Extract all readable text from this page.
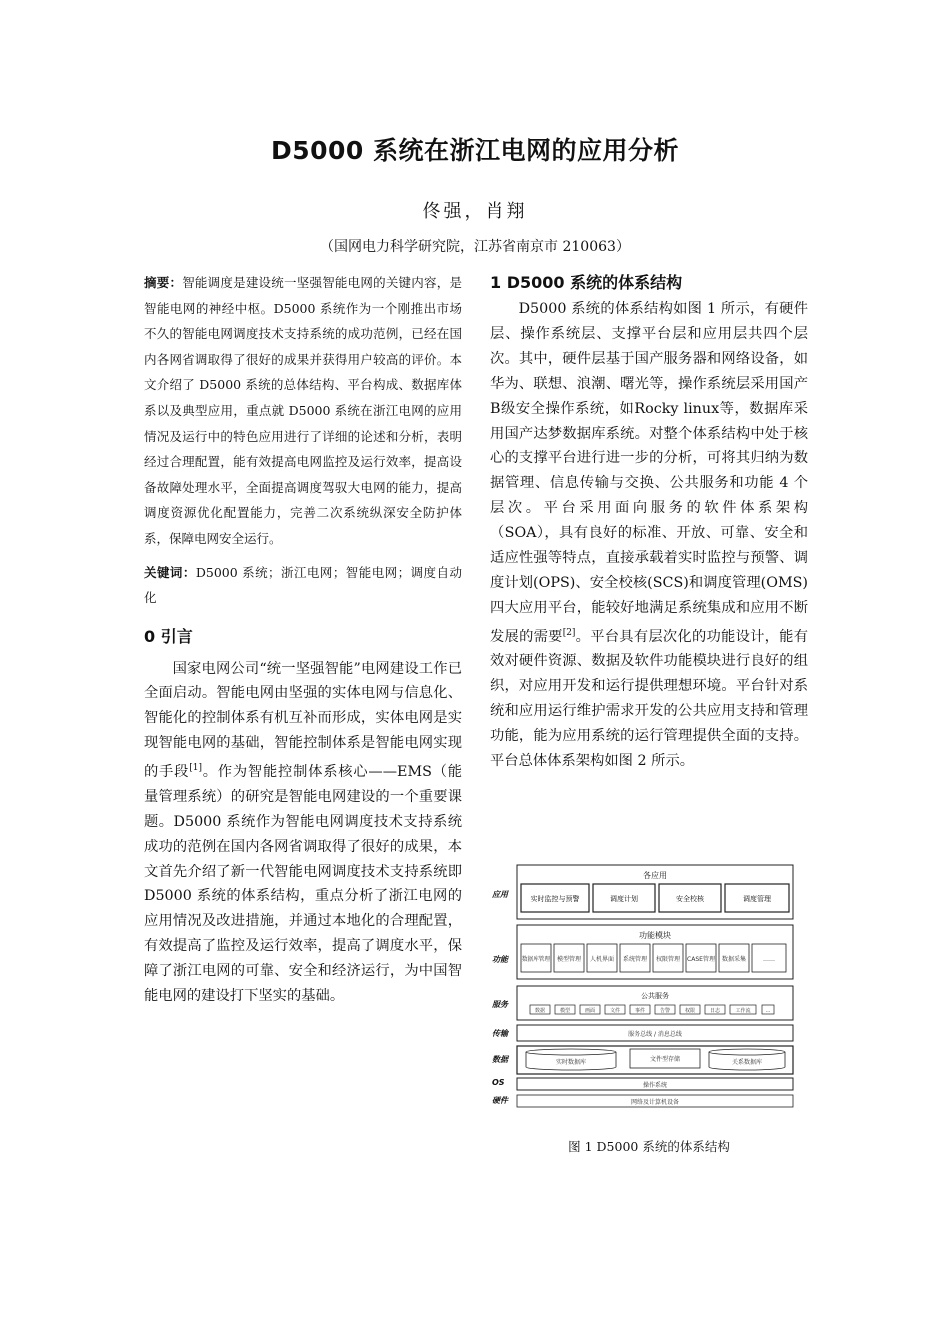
D5000 系统在浙江电网的应用分析
佟强，肖翔
（国网电力科学研究院，江苏省南京市 210063）

摘要：智能调度是建设统一坚强智能电网的关键内容，是智能电网的神经中枢。D5000 系统作为一个刚推出市场不久的智能电网调度技术支持系统的成功范例，已经在国内各网省调取得了很好的成果并获得用户较高的评价。本文介绍了 D5000 系统的总体结构、平台构成、数据库体系以及典型应用，重点就 D5000 系统在浙江电网的应用情况及运行中的特色应用进行了详细的论述和分析，表明经过合理配置，能有效提高电网监控及运行效率，提高设备故障处理水平，全面提高调度驾驭大电网的能力，提高调度资源优化配置能力，完善二次系统纵深安全防护体系，保障电网安全运行。

关键词：D5000 系统；浙江电网；智能电网；调度自动化

0 引言

国家电网公司“统一坚强智能”电网建设工作已全面启动。智能电网由坚强的实体电网与信息化、智能化的控制体系有机互补而形成，实体电网是实现智能电网的基础，智能控制体系是智能电网实现的手段[1]。作为智能控制体系核心——EMS（能量管理系统）的研究是智能电网建设的一个重要课题。D5000 系统作为智能电网调度技术支持系统成功的范例在国内各网省调取得了很好的成果，本文首先介绍了新一代智能电网调度技术支持系统即D5000 系统的体系结构，重点分析了浙江电网的应用情况及改进措施，并通过本地化的合理配置，有效提高了监控及运行效率，提高了调度水平，保障了浙江电网的可靠、安全和经济运行，为中国智能电网的建设打下坚实的基础。

1 D5000 系统的体系结构

D5000 系统的体系结构如图 1 所示，有硬件层、操作系统层、支撑平台层和应用层共四个层次。其中，硬件层基于国产服务器和网络设备，如华为、联想、浪潮、曙光等，操作系统层采用国产B级安全操作系统，如Rocky linux等，数据库采用国产达梦数据库系统。对整个体系结构中处于核心的支撑平台进行进一步的分析，可将其归纳为数据管理、信息传输与交换、公共服务和功能 4 个层次。平台采用面向服务的软件体系架构（SOA），具有良好的标准、开放、可靠、安全和适应性强等特点，直接承载着实时监控与预警、调度计划(OPS)、安全校核(SCS)和调度管理(OMS)四大应用平台，能较好地满足系统集成和应用不断发展的需要[2]。平台具有层次化的功能设计，能有效对硬件资源、数据及软件功能模块进行良好的组织，对应用开发和运行提供理想环境。平台针对系统和应用运行维护需求开发的公共应用支持和管理功能，能为应用系统的运行管理提供全面的支持。平台总体体系架构如图 2 所示。

应用
功能
服务
传输
数据
OS
硬件
各应用
实时监控与预警	调度计划	安全校核	调度管理
功能模块
数据库管理 模型管理 人机界面 系统管理 权限管理 CASE管理 数据采集	……
公共服务
数据	模型	画面	文件	事件	告警	权限	日志	工作流	…
服务总线 / 消息总线
实时数据库	文件型存储	关系数据库
操作系统
网络及计算机设备
图 1 D5000 系统的体系结构
